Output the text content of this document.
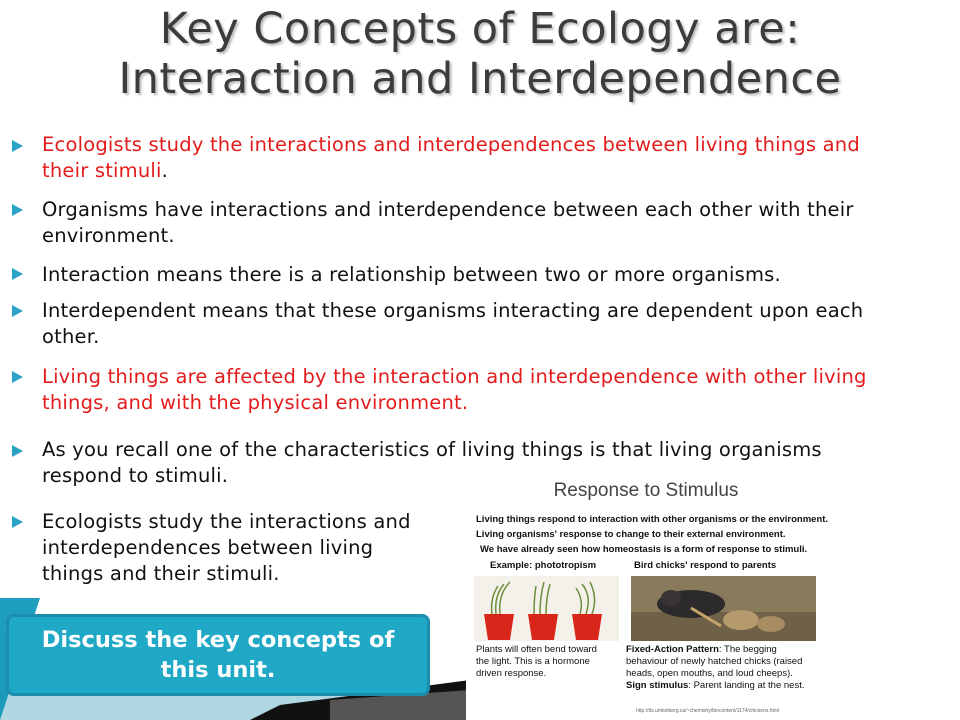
Key Concepts of Ecology are:
Interaction and Interdependence

Ecologists study the interactions and interdependences between living things and their stimuli.

Organisms have interactions and interdependence between each other with their environment.

Interaction means there is a relationship between two or more organisms.

Interdependent means that these organisms interacting are dependent upon each other.

Living things are affected by the interaction and interdependence with other living things, and with the physical environment.

As you recall one of the characteristics of living things is that living organisms respond to stimuli.

Ecologists study the interactions and interdependences between living things and their stimuli.

Response to Stimulus
Living things respond to interaction with other organisms or the environment.
Living organisms' response to change to their external environment.
We have already seen how homeostasis is a form of response to stimuli.
Example: phototropism	Bird chicks' respond to parents
Plants will often bend toward the light. This is a hormone driven response.
Fixed-Action Pattern: The begging behaviour of newly hatched chicks (raised heads, open mouths, and loud cheeps).
Sign stimulus: Parent landing at the nest.
http://ds.umkeiberg.ca/~chemistry/biocontent/1174/chickens.html
Discuss the key concepts of this unit.
